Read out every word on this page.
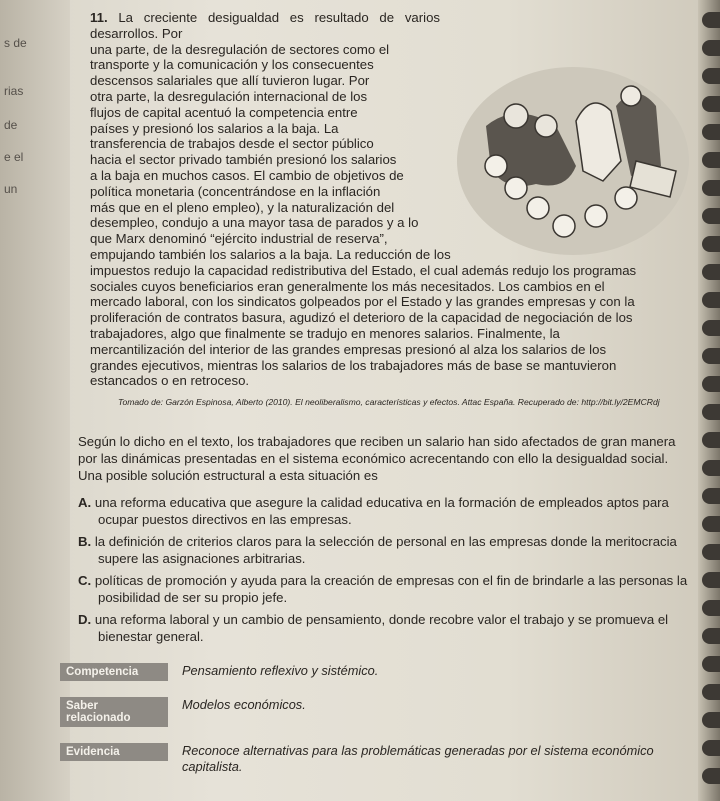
s de
rias
de
e el
un

11. La creciente desigualdad es resultado de varios desarrollos. Por
una parte, de la desregulación de sectores como el
transporte y la comunicación y los consecuentes
descensos salariales que allí tuvieron lugar. Por
otra parte, la desregulación internacional de los
flujos de capital acentuó la competencia entre
países y presionó los salarios a la baja. La
transferencia de trabajos desde el sector público
hacia el sector privado también presionó los salarios
a la baja en muchos casos. El cambio de objetivos de
política monetaria (concentrándose en la inflación
más que en el pleno empleo), y la naturalización del
desempleo, condujo a una mayor tasa de parados y a lo
que Marx denominó “ejército industrial de reserva”,

empujando también los salarios a la baja. La reducción de los
impuestos redujo la capacidad redistributiva del Estado, el cual además redujo los programas
sociales cuyos beneficiarios eran generalmente los más necesitados. Los cambios en el
mercado laboral, con los sindicatos golpeados por el Estado y las grandes empresas y con la
proliferación de contratos basura, agudizó el deterioro de la capacidad de negociación de los
trabajadores, algo que finalmente se tradujo en menores salarios. Finalmente, la
mercantilización del interior de las grandes empresas presionó al alza los salarios de los
grandes ejecutivos, mientras los salarios de los trabajadores más de base se mantuvieron
estancados o en retroceso.

Tomado de: Garzón Espinosa, Alberto (2010). El neoliberalismo, características y efectos. Attac España. Recuperado de: http://bit.ly/2EMCRdj

Según lo dicho en el texto, los trabajadores que reciben un salario han sido afectados de gran manera por las dinámicas presentadas en el sistema económico acrecentando con ello la desigualdad social. Una posible solución estructural a esta situación es

A. una reforma educativa que asegure la calidad educativa en la formación de empleados aptos para ocupar puestos directivos en las empresas.
B. la definición de criterios claros para la selección de personal en las empresas donde la meritocracia supere las asignaciones arbitrarias.
C. políticas de promoción y ayuda para la creación de empresas con el fin de brindarle a las personas la posibilidad de ser su propio jefe.
D. una reforma laboral y un cambio de pensamiento, donde recobre valor el trabajo y se promueva el bienestar general.
Competencia	Pensamiento reflexivo y sistémico.
Saber relacionado
Modelos económicos.
Evidencia	Reconoce alternativas para las problemáticas generadas por el sistema económico capitalista.
